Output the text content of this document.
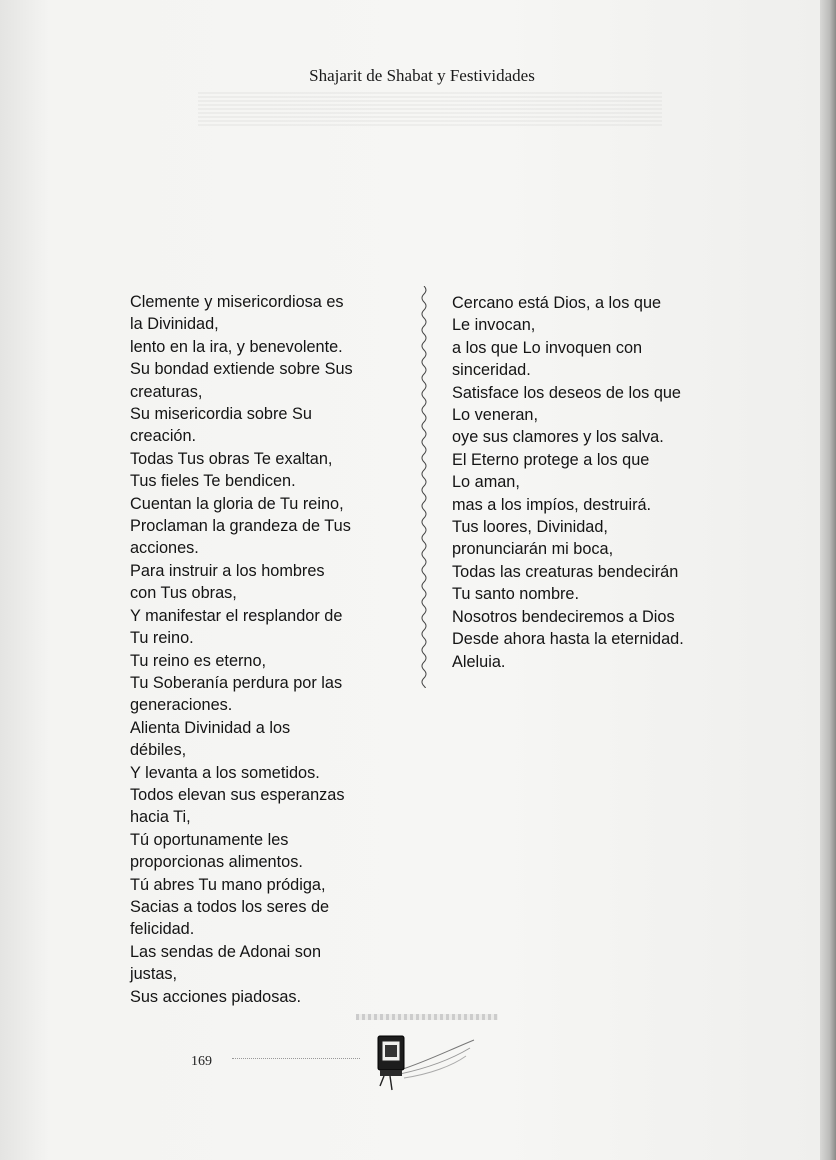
Shajarit de Shabat y Festividades
Clemente y misericordiosa es
la Divinidad,
lento en la ira, y benevolente.
Su bondad extiende sobre Sus
creaturas,
Su misericordia sobre Su
creación.
Todas Tus obras Te exaltan,
Tus fieles Te bendicen.
Cuentan la gloria de Tu reino,
Proclaman la grandeza de Tus
acciones.
Para instruir a los hombres
con Tus obras,
Y manifestar el resplandor de
Tu reino.
Tu reino es eterno,
Tu Soberanía perdura por las
generaciones.
Alienta Divinidad a los
débiles,
Y levanta a los sometidos.
Todos elevan sus esperanzas
hacia Ti,
Tú oportunamente les
proporcionas alimentos.
Tú abres Tu mano pródiga,
Sacias a todos los seres de
felicidad.
Las sendas de Adonai son
justas,
Sus acciones piadosas.
Cercano está Dios, a los que
Le invocan,
a los que Lo invoquen con
sinceridad.
Satisface los deseos de los que
Lo veneran,
oye sus clamores y los salva.
El Eterno protege a los que
Lo aman,
mas a los impíos, destruirá.
Tus loores, Divinidad,
pronunciarán mi boca,
Todas las creaturas bendecirán
Tu santo nombre.
Nosotros bendeciremos a Dios
Desde ahora hasta la eternidad.
Aleluia.
169
